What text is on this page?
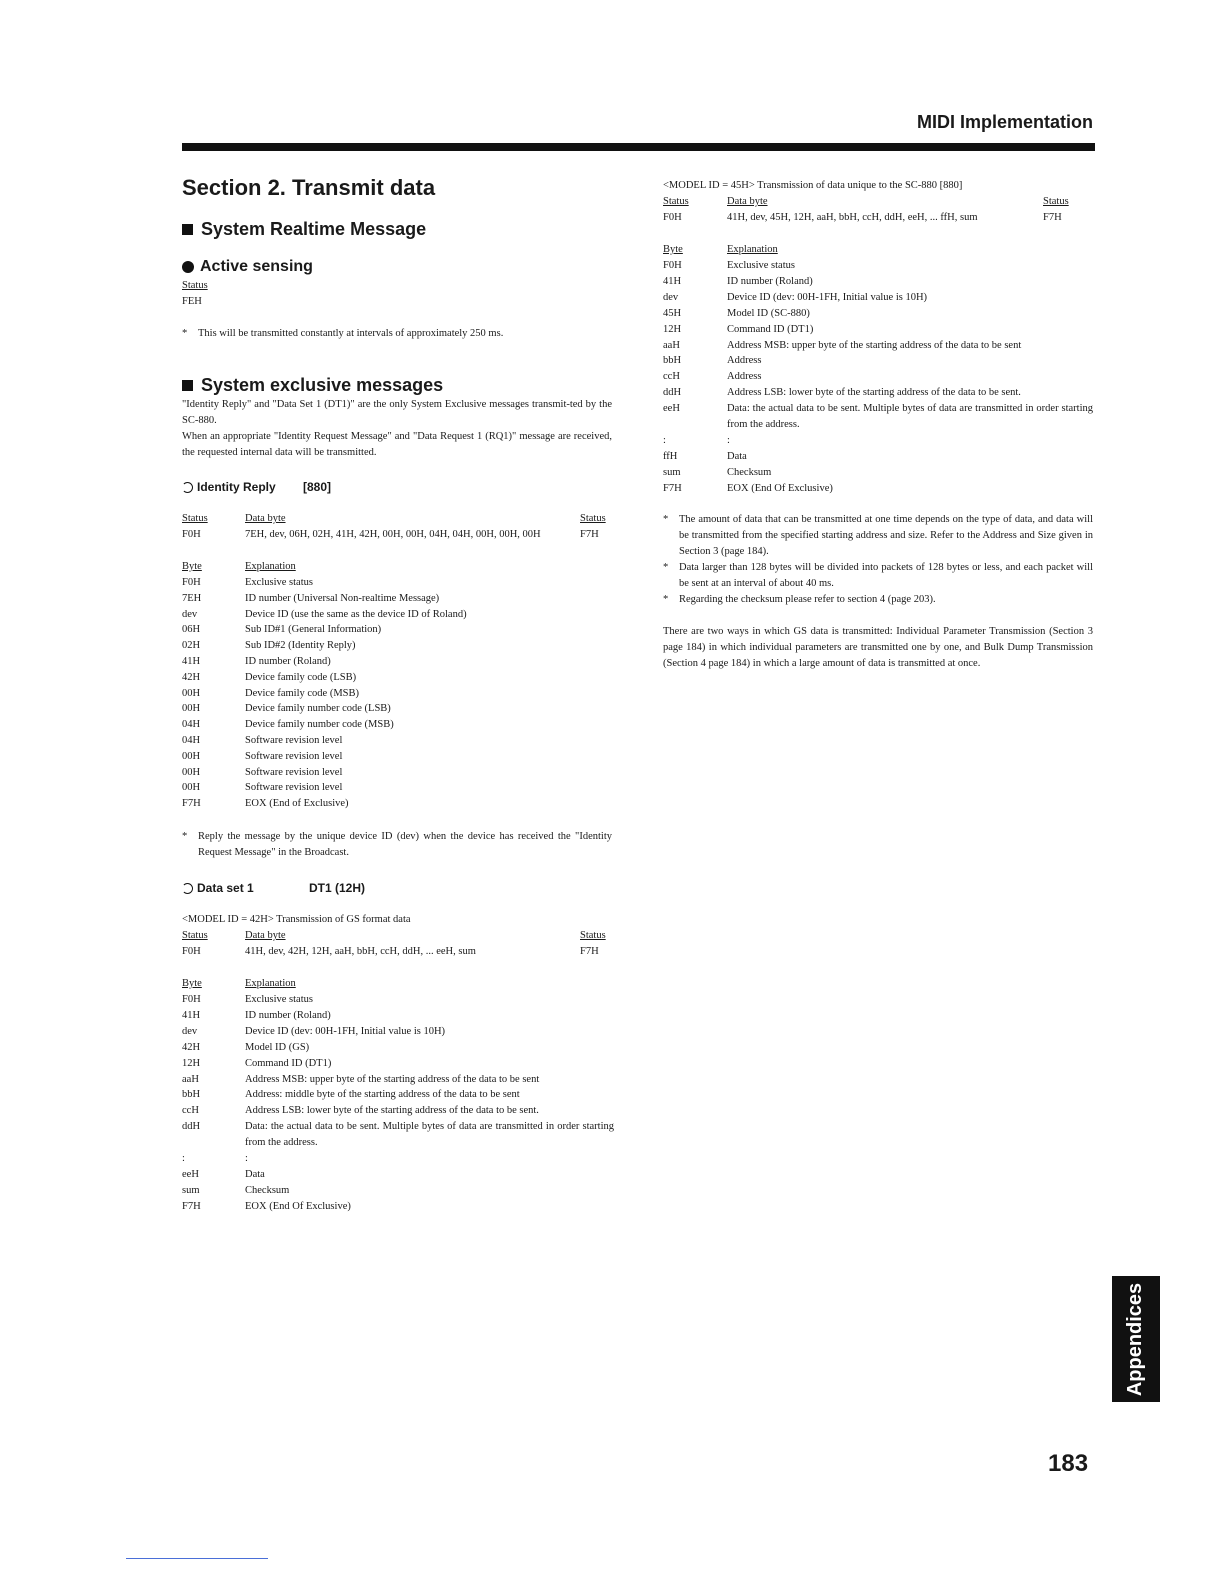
MIDI Implementation
Section 2. Transmit data
System Realtime Message
Active sensing
Status
FEH
* This will be transmitted constantly at intervals of approximately 250 ms.
System exclusive messages
"Identity Reply" and "Data Set 1 (DT1)" are the only System Exclusive messages transmit-ted by the SC-880.
When an appropriate "Identity Request Message" and "Data Request 1 (RQ1)" message are received, the requested internal data will be transmitted.
Identity Reply	[880]
Status	Data byte	Status
F0H	7EH, dev, 06H, 02H, 41H, 42H, 00H, 00H, 04H, 04H, 00H, 00H, 00H	F7H
Byte	Explanation
F0H	Exclusive status
7EH	ID number (Universal Non-realtime Message)
dev	Device ID (use the same as the device ID of Roland)
06H	Sub ID#1 (General Information)
02H	Sub ID#2 (Identity Reply)
41H	ID number (Roland)
42H	Device family code (LSB)
00H	Device family code (MSB)
00H	Device family number code (LSB)
04H	Device family number code (MSB)
04H	Software revision level
00H	Software revision level
00H	Software revision level
00H	Software revision level
F7H	EOX (End of Exclusive)
* Reply the message by the unique device ID (dev) when the device has received the "Identity Request Message" in the Broadcast.
Data set 1	DT1 (12H)
<MODEL ID = 42H> Transmission of GS format data
Status	Data byte	Status
F0H	41H, dev, 42H, 12H, aaH, bbH, ccH, ddH, ... eeH, sum	F7H
Byte	Explanation
F0H	Exclusive status
41H	ID number (Roland)
dev	Device ID (dev: 00H-1FH, Initial value is 10H)
42H	Model ID (GS)
12H	Command ID (DT1)
aaH	Address MSB: upper byte of the starting address of the data to be sent
bbH	Address: middle byte of the starting address of the data to be sent
ccH	Address LSB: lower byte of the starting address of the data to be sent.
ddH	Data: the actual data to be sent. Multiple bytes of data are transmitted in order starting from the address.
:	:
eeH	Data
sum	Checksum
F7H	EOX (End Of Exclusive)
<MODEL ID = 45H> Transmission of data unique to the SC-880 [880]
Status	Data byte	Status
F0H	41H, dev, 45H, 12H, aaH, bbH, ccH, ddH, eeH, ... ffH, sum	F7H
Byte	Explanation
F0H	Exclusive status
41H	ID number (Roland)
dev	Device ID (dev: 00H-1FH, Initial value is 10H)
45H	Model ID (SC-880)
12H	Command ID (DT1)
aaH	Address MSB: upper byte of the starting address of the data to be sent
bbH	Address
ccH	Address
ddH	Address LSB: lower byte of the starting address of the data to be sent.
eeH	Data: the actual data to be sent. Multiple bytes of data are transmitted in order starting from the address.
:	:
ffH	Data
sum	Checksum
F7H	EOX (End Of Exclusive)
* The amount of data that can be transmitted at one time depends on the type of data, and data will be transmitted from the specified starting address and size. Refer to the Address and Size given in Section 3 (page 184).
* Data larger than 128 bytes will be divided into packets of 128 bytes or less, and each packet will be sent at an interval of about 40 ms.
* Regarding the checksum please refer to section 4 (page 203).
There are two ways in which GS data is transmitted: Individual Parameter Transmission (Section 3 page 184) in which individual parameters are transmitted one by one, and Bulk Dump Transmission (Section 4 page 184) in which a large amount of data is transmitted at once.
Appendices
183
